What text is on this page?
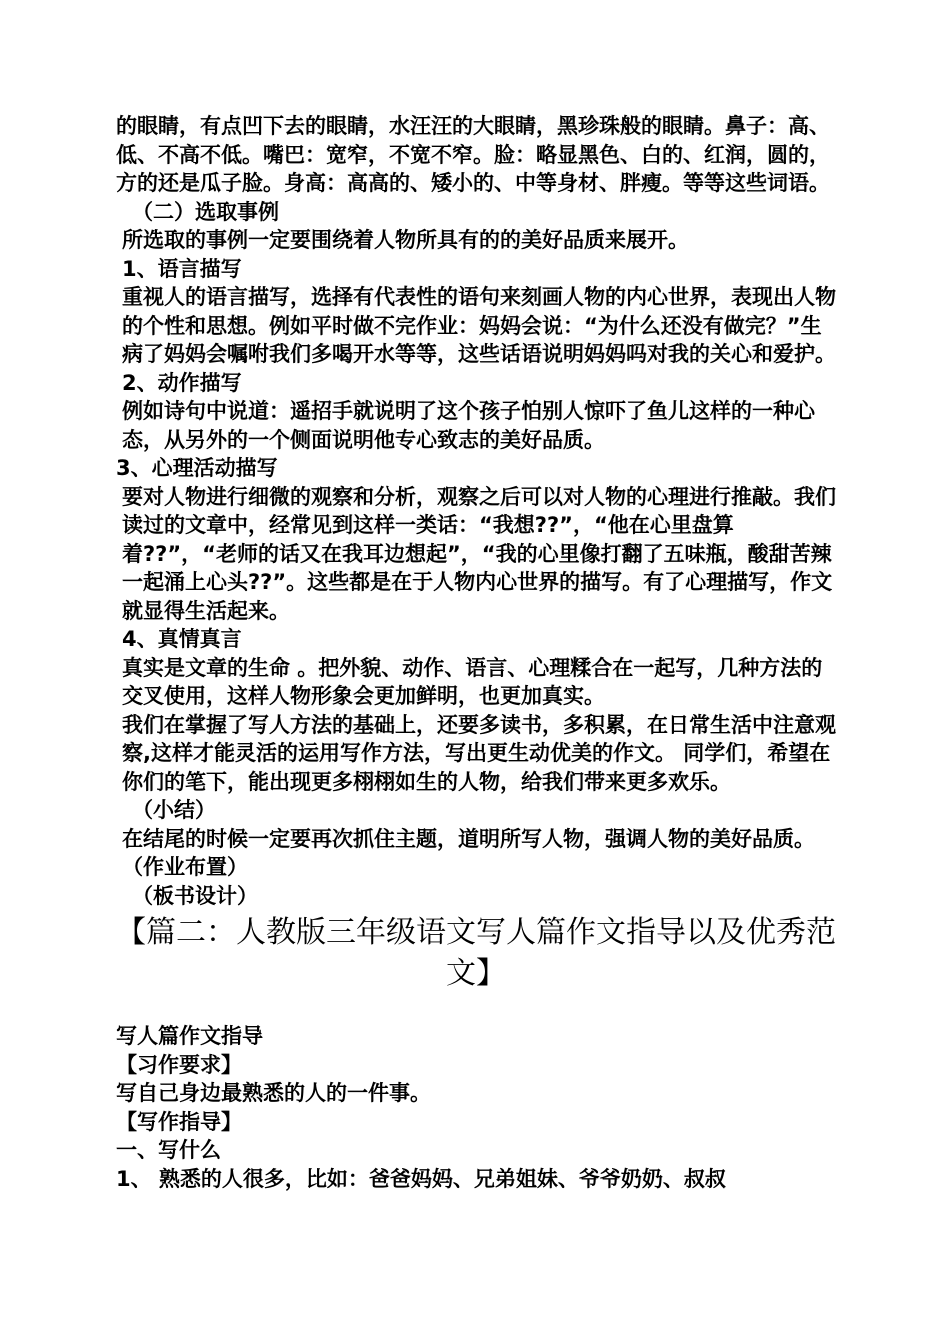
的眼睛，有点凹下去的眼睛，水汪汪的大眼睛，黑珍珠般的眼睛。鼻子：高、低、不高不低。嘴巴：宽窄，不宽不窄。脸：略显黑色、白的、红润，圆的，方的还是瓜子脸。身高：高高的、矮小的、中等身材、胖瘦。等等这些词语。

（二）选取事例

所选取的事例一定要围绕着人物所具有的的美好品质来展开。

1、语言描写

重视人的语言描写，选择有代表性的语句来刻画人物的内心世界，表现出人物的个性和思想。例如平时做不完作业：妈妈会说：“为什么还没有做完？”生病了妈妈会嘱咐我们多喝开水等等，这些话语说明妈妈吗对我的关心和爱护。

2、动作描写

例如诗句中说道：遥招手就说明了这个孩子怕别人惊吓了鱼儿这样的一种心态，从另外的一个侧面说明他专心致志的美好品质。

3、心理活动描写

要对人物进行细微的观察和分析，观察之后可以对人物的心理进行推敲。我们读过的文章中，经常见到这样一类话：“我想??”，“他在心里盘算着??”，“老师的话又在我耳边想起”，“我的心里像打翻了五味瓶，酸甜苦辣一起涌上心头??”。这些都是在于人物内心世界的描写。有了心理描写，作文就显得生活起来。

4、真情真言

真实是文章的生命 。把外貌、动作、语言、心理糅合在一起写，几种方法的交叉使用，这样人物形象会更加鲜明，也更加真实。

我们在掌握了写人方法的基础上，还要多读书，多积累，在日常生活中注意观察,这样才能灵活的运用写作方法，写出更生动优美的作文。 同学们，希望在你们的笔下，能出现更多栩栩如生的人物，给我们带来更多欢乐。

（小结）

在结尾的时候一定要再次抓住主题，道明所写人物，强调人物的美好品质。 （作业布置）

（板书设计）

【篇二：人教版三年级语文写人篇作文指导以及优秀范文】

写人篇作文指导

【习作要求】

写自己身边最熟悉的人的一件事。

【写作指导】

一、写什么

1、 熟悉的人很多，比如：爸爸妈妈、兄弟姐妹、爷爷奶奶、叔叔
